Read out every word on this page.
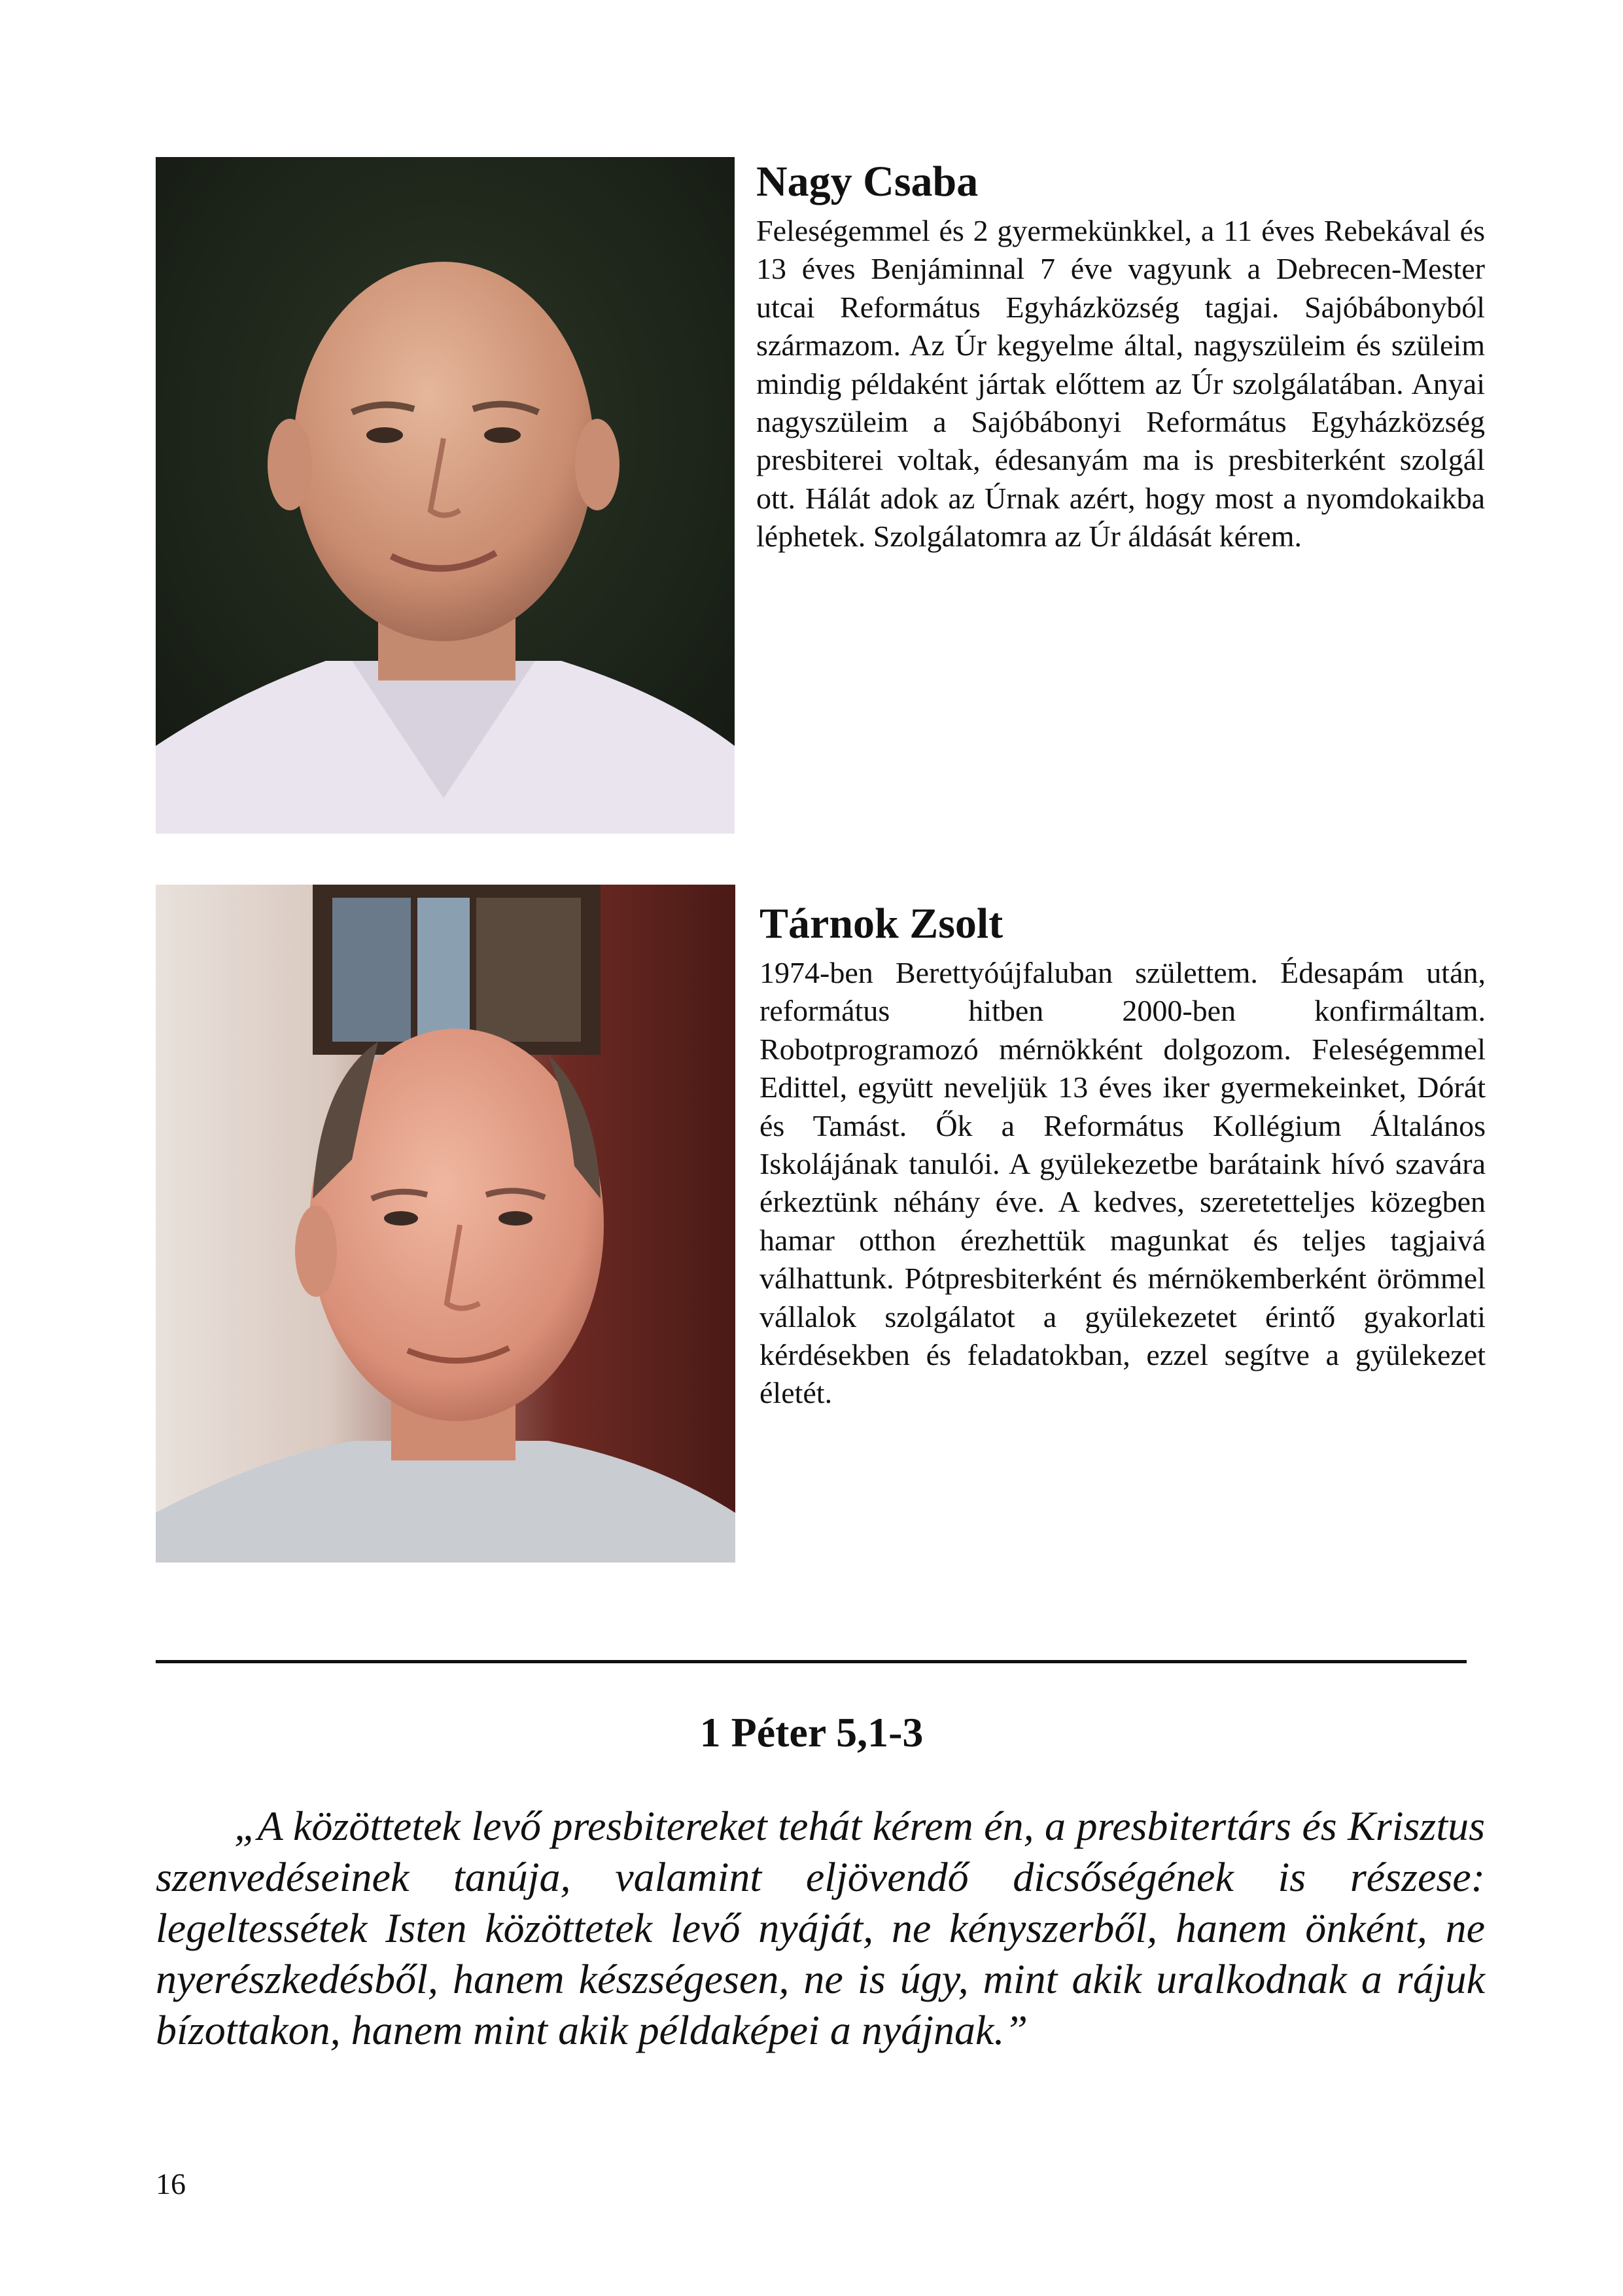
Nagy Csaba

Feleségemmel és 2 gyermekünkkel, a 11 éves Rebekával és 13 éves Benjáminnal 7 éve vagyunk a Debrecen-Mester utcai Református Egyházközség tagjai. Sajóbábonyból származom. Az Úr kegyelme által, nagyszüleim és szüleim mindig példaként jártak előttem az Úr szolgálatában. Anyai nagyszüleim a Sajóbábonyi Református Egyházközség presbiterei voltak, édesanyám ma is presbiterként szolgál ott. Hálát adok az Úrnak azért, hogy most a nyomdokaikba léphetek. Szolgálatomra az Úr áldását kérem.

Tárnok Zsolt

1974-ben Berettyóújfaluban születtem. Édesapám után, református hitben 2000-ben konfirmáltam. Robotprogramozó mérnökként dolgozom. Feleségemmel Edittel, együtt neveljük 13 éves iker gyermekeinket, Dórát és Tamást. Ők a Református Kollégium Általános Iskolájának tanulói. A gyülekezetbe barátaink hívó szavára érkeztünk néhány éve. A kedves, szeretetteljes közegben hamar otthon érezhettük magunkat és teljes tagjaivá válhattunk. Pótpresbiterként és mérnökemberként örömmel vállalok szolgálatot a gyülekezetet érintő gyakorlati kérdésekben és feladatokban, ezzel segítve a gyülekezet életét.

1 Péter 5,1-3

„A közöttetek levő presbitereket tehát kérem én, a presbitertárs és Krisztus szenvedéseinek tanúja, valamint eljövendő dicsőségének is részese: legeltessétek Isten közöttetek levő nyáját, ne kényszerből, hanem önként, ne nyerészkedésből, hanem készségesen, ne is úgy, mint akik uralkodnak a rájuk bízottakon, hanem mint akik példaképei a nyájnak.”

16
